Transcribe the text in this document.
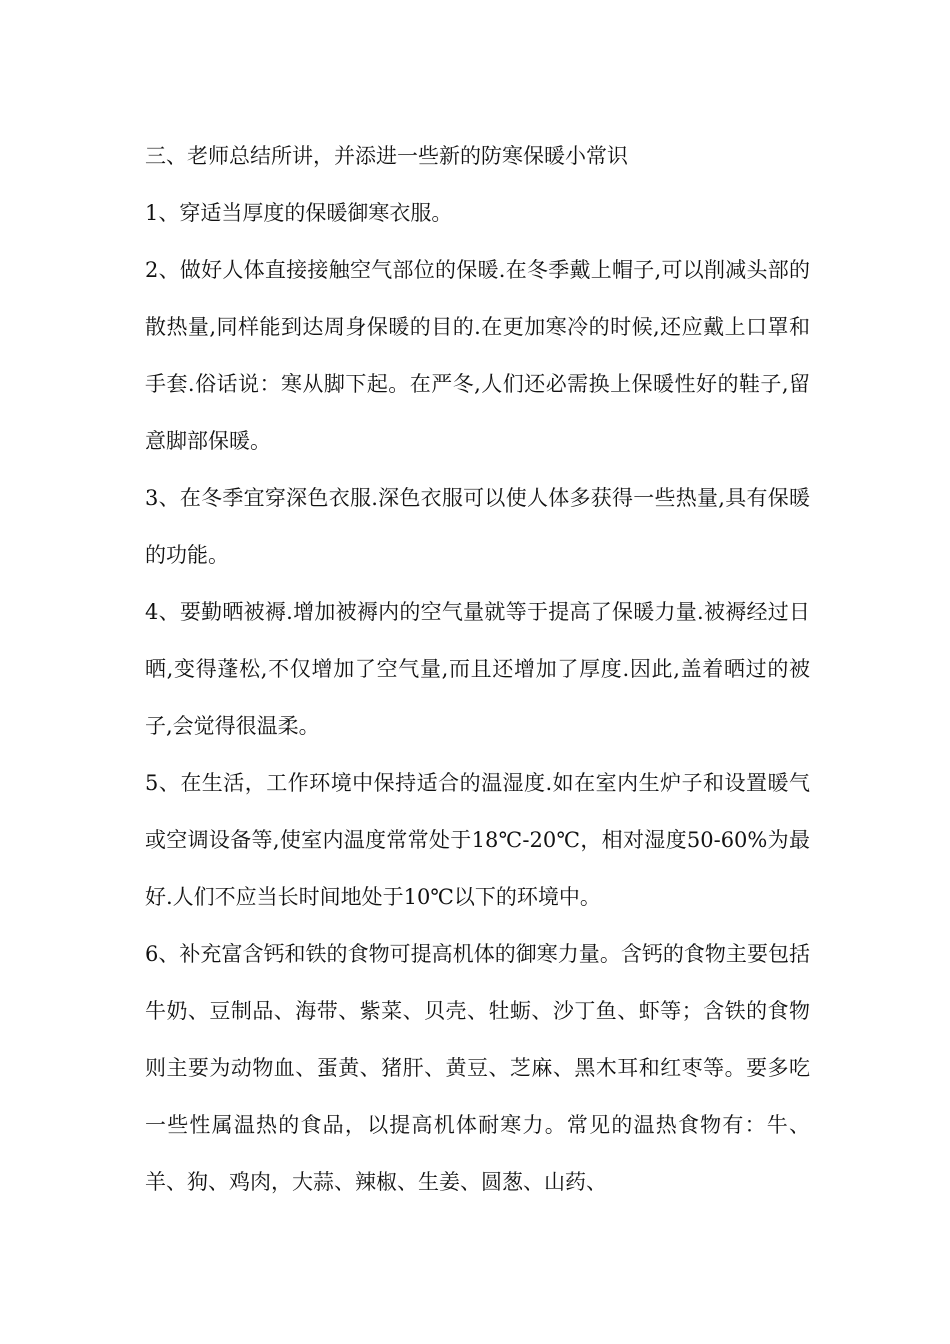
三、老师总结所讲，并添进一些新的防寒保暖小常识

1、穿适当厚度的保暖御寒衣服。

2、做好人体直接接触空气部位的保暖.在冬季戴上帽子,可以削减头部的散热量,同样能到达周身保暖的目的.在更加寒冷的时候,还应戴上口罩和手套.俗话说：寒从脚下起。在严冬,人们还必需换上保暖性好的鞋子,留意脚部保暖。

3、在冬季宜穿深色衣服.深色衣服可以使人体多获得一些热量,具有保暖的功能。

4、要勤晒被褥.增加被褥内的空气量就等于提高了保暖力量.被褥经过日晒,变得蓬松,不仅增加了空气量,而且还增加了厚度.因此,盖着晒过的被子,会觉得很温柔。

5、在生活，工作环境中保持适合的温湿度.如在室内生炉子和设置暖气或空调设备等,使室内温度常常处于18℃-20℃，相对湿度50-60%为最好.人们不应当长时间地处于10℃以下的环境中。

6、补充富含钙和铁的食物可提高机体的御寒力量。含钙的食物主要包括牛奶、豆制品、海带、紫菜、贝壳、牡蛎、沙丁鱼、虾等；含铁的食物则主要为动物血、蛋黄、猪肝、黄豆、芝麻、黑木耳和红枣等。要多吃一些性属温热的食品，以提高机体耐寒力。常见的温热食物有：牛、羊、狗、鸡肉，大蒜、辣椒、生姜、圆葱、山药、
